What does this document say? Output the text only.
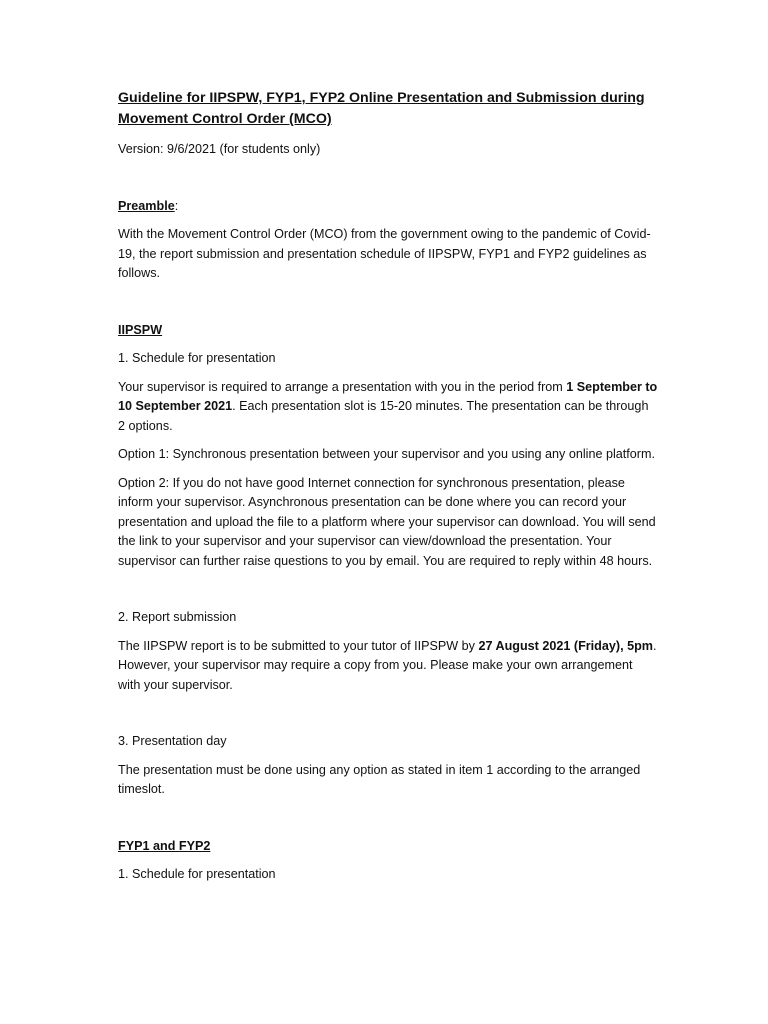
Guideline for IIPSPW, FYP1, FYP2 Online Presentation and Submission during Movement Control Order (MCO)

Version: 9/6/2021 (for students only)

Preamble:

With the Movement Control Order (MCO) from the government owing to the pandemic of Covid-19, the report submission and presentation schedule of IIPSPW, FYP1 and FYP2 guidelines as follows.

IIPSPW

1. Schedule for presentation

Your supervisor is required to arrange a presentation with you in the period from 1 September to 10 September 2021. Each presentation slot is 15-20 minutes. The presentation can be through 2 options.

Option 1: Synchronous presentation between your supervisor and you using any online platform.

Option 2: If you do not have good Internet connection for synchronous presentation, please inform your supervisor. Asynchronous presentation can be done where you can record your presentation and upload the file to a platform where your supervisor can download. You will send the link to your supervisor and your supervisor can view/download the presentation. Your supervisor can further raise questions to you by email. You are required to reply within 48 hours.

2. Report submission

The IIPSPW report is to be submitted to your tutor of IIPSPW by 27 August 2021 (Friday), 5pm. However, your supervisor may require a copy from you. Please make your own arrangement with your supervisor.

3. Presentation day

The presentation must be done using any option as stated in item 1 according to the arranged timeslot.

FYP1 and FYP2

1. Schedule for presentation
